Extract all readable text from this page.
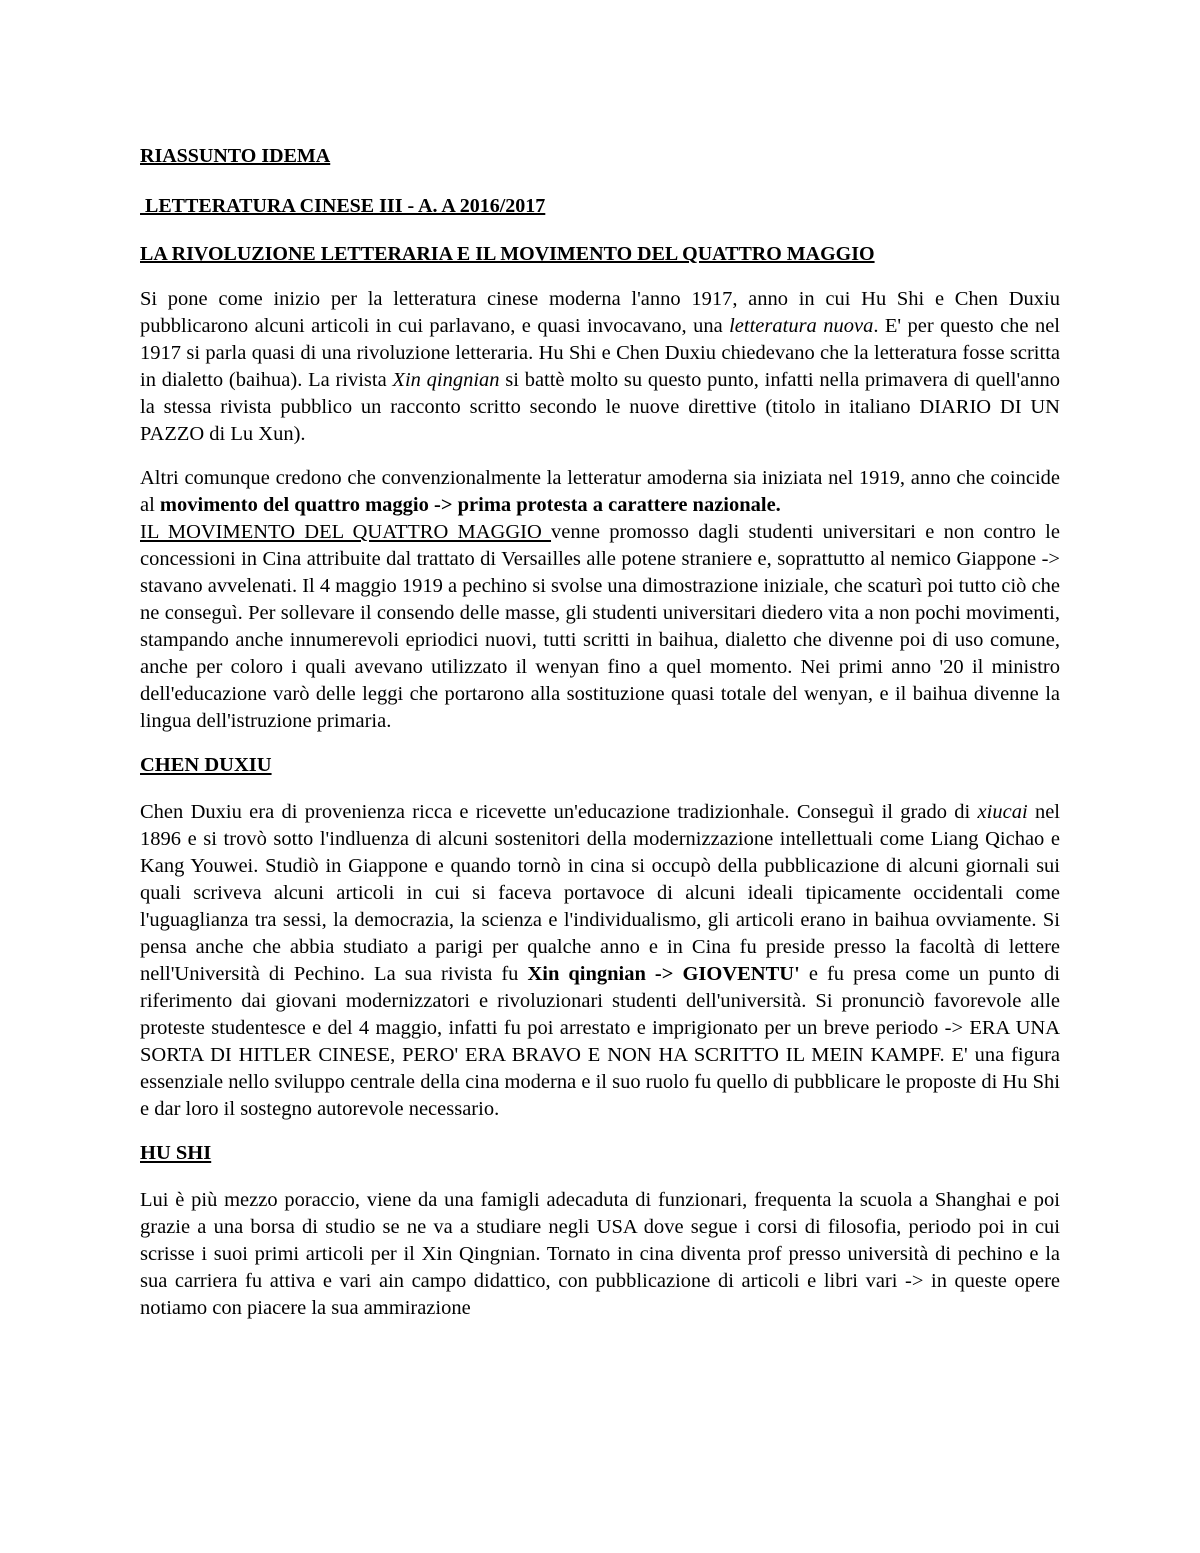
RIASSUNTO IDEMA

LETTERATURA CINESE III - A. A 2016/2017

LA RIVOLUZIONE LETTERARIA E IL MOVIMENTO DEL QUATTRO MAGGIO

Si pone come inizio per la letteratura cinese moderna l'anno 1917, anno in cui Hu Shi e Chen Duxiu pubblicarono alcuni articoli in cui parlavano, e quasi invocavano, una letteratura nuova. E' per questo che nel 1917 si parla quasi di una rivoluzione letteraria. Hu Shi e Chen Duxiu chiedevano che la letteratura fosse scritta in dialetto (baihua). La rivista Xin qingnian si battè molto su questo punto, infatti nella primavera di quell'anno la stessa rivista pubblico un racconto scritto secondo le nuove direttive (titolo in italiano DIARIO DI UN PAZZO di Lu Xun).

Altri comunque credono che convenzionalmente la letteratur amoderna sia iniziata nel 1919, anno che coincide al movimento del quattro maggio -> prima protesta a carattere nazionale.
IL MOVIMENTO DEL QUATTRO MAGGIO venne promosso dagli studenti universitari e non contro le concessioni in Cina attribuite dal trattato di Versailles alle potene straniere e, soprattutto al nemico Giappone -> stavano avvelenati. Il 4 maggio 1919 a pechino si svolse una dimostrazione iniziale, che scaturì poi tutto ciò che ne conseguì. Per sollevare il consendo delle masse, gli studenti universitari diedero vita a non pochi movimenti, stampando anche innumerevoli epriodici nuovi, tutti scritti in baihua, dialetto che divenne poi di uso comune, anche per coloro i quali avevano utilizzato il wenyan fino a quel momento. Nei primi anno '20 il ministro dell'educazione varò delle leggi che portarono alla sostituzione quasi totale del wenyan, e il baihua divenne la lingua dell'istruzione primaria.

CHEN DUXIU

Chen Duxiu era di provenienza ricca e ricevette un'educazione tradizionhale. Conseguì il grado di xiucai nel 1896 e si trovò sotto l'indluenza di alcuni sostenitori della modernizzazione intellettuali come Liang Qichao e Kang Youwei. Studiò in Giappone e quando tornò in cina si occupò della pubblicazione di alcuni giornali sui quali scriveva alcuni articoli in cui si faceva portavoce di alcuni ideali tipicamente occidentali come l'uguaglianza tra sessi, la democrazia, la scienza e l'individualismo, gli articoli erano in baihua ovviamente. Si pensa anche che abbia studiato a parigi per qualche anno e in Cina fu preside presso la facoltà di lettere nell'Università di Pechino. La sua rivista fu Xin qingnian -> GIOVENTU' e fu presa come un punto di riferimento dai giovani modernizzatori e rivoluzionari studenti dell'università. Si pronunciò favorevole alle proteste studentesce e del 4 maggio, infatti fu poi arrestato e imprigionato per un breve periodo -> ERA UNA SORTA DI HITLER CINESE, PERO' ERA BRAVO E NON HA SCRITTO IL MEIN KAMPF. E' una figura essenziale nello sviluppo centrale della cina moderna e il suo ruolo fu quello di pubblicare le proposte di Hu Shi e dar loro il sostegno autorevole necessario.

HU SHI

Lui è più mezzo poraccio, viene da una famigli adecaduta di funzionari, frequenta la scuola a Shanghai e poi grazie a una borsa di studio se ne va a studiare negli USA dove segue i corsi di filosofia, periodo poi in cui scrisse i suoi primi articoli per il Xin Qingnian. Tornato in cina diventa prof presso università di pechino e la sua carriera fu attiva e vari ain campo didattico, con pubblicazione di articoli e libri vari -> in queste opere notiamo con piacere la sua ammirazione
